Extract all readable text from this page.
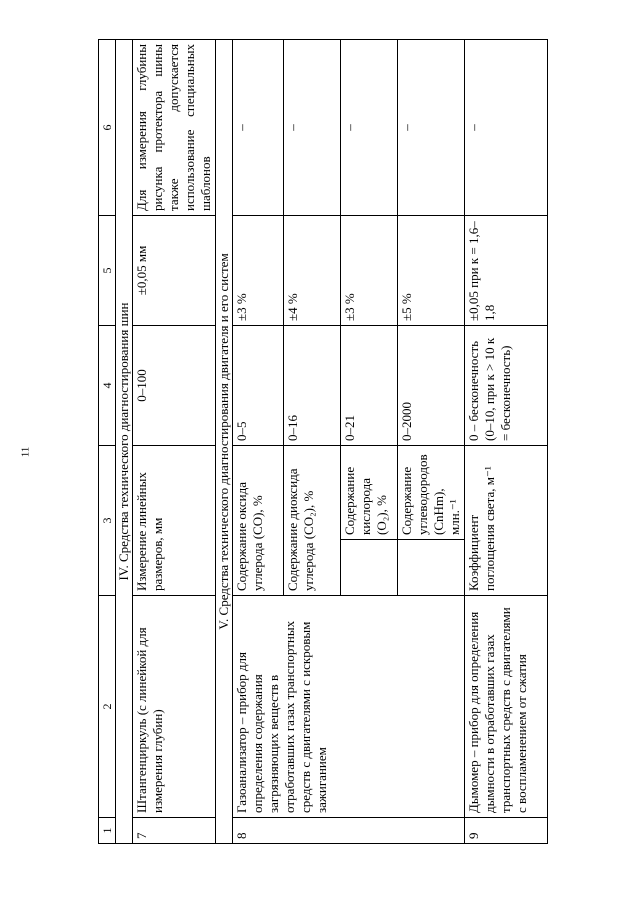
11
1	2	3		4	5	6
IV. Средства технического диагностирования шин						
7	Штангенциркуль (с линейкой для измерения глубин)	Измерение линейных размеров, мм		0–100	±0,05 мм	Для измерения глубины рисунка протектора шины также допускается использование специальных шаблонов
V. Средства технического диагностирования двигателя и его систем						
8	Газоанализатор – прибор для определения содержания загрязняющих веществ в отработавших газах транспортных средств с двигателями с искровым зажиганием	Содержание оксида углерода (CO), %		0–5	±3 %	–
		Содержание диоксида углерода (CO₂), %		0–16	±4 %	–
			Содержание кислорода (O₂), %	0–21	±3 %	–
			Содержание углеводородов (CnHm), млн.⁻¹	0–2000	±5 %	–
9	Дымомер – прибор для определения дымности в отработавших газах транспортных средств с двигателями с воспламенением от сжатия	Коэффициент поглощения света, м⁻¹		0 – бесконечность (0–10, при к > 10 к = бесконечность)	±0,05 при к = 1,6–1,8	–
